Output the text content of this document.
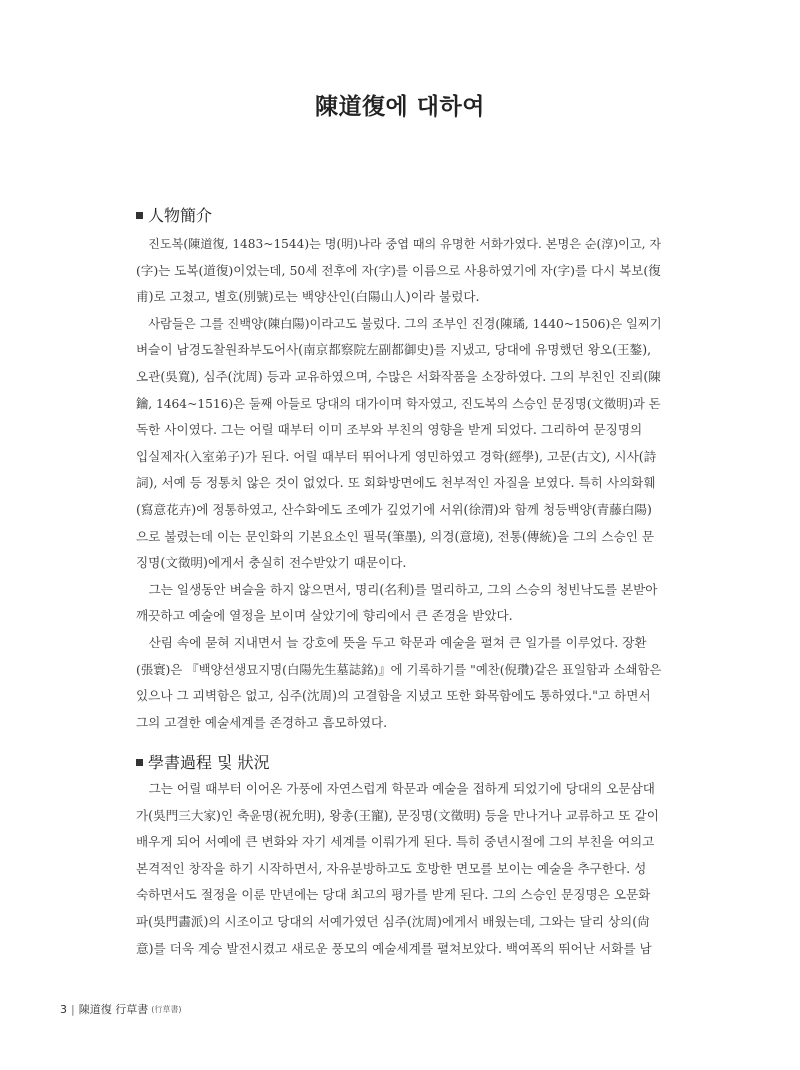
陳道復에 대하여
人物簡介
　진도복(陳道復, 1483~1544)는 명(明)나라 중엽 때의 유명한 서화가였다. 본명은 순(淳)이고, 자
(字)는 도복(道復)이었는데, 50세 전후에 자(字)를 이름으로 사용하였기에 자(字)를 다시 복보(復
甫)로 고쳤고, 별호(別號)로는 백양산인(白陽山人)이라 불렀다.
　사람들은 그를 진백양(陳白陽)이라고도 불렀다. 그의 조부인 진경(陳璚, 1440~1506)은 일찌기
벼슬이 남경도찰원좌부도어사(南京都察院左副都御史)를 지냈고, 당대에 유명했던 왕오(王鏊),
오관(吳寬), 심주(沈周) 등과 교유하였으며, 수많은 서화작품을 소장하였다. 그의 부친인 진뢰(陳
鑰, 1464~1516)은 둘째 아들로 당대의 대가이며 학자였고, 진도복의 스승인 문징명(文徵明)과 돈
독한 사이였다. 그는 어릴 때부터 이미 조부와 부친의 영향을 받게 되었다. 그리하여 문징명의
입실제자(入室弟子)가 된다. 어릴 때부터 뛰어나게 영민하였고 경학(經學), 고문(古文), 시사(詩
詞), 서예 등 정통치 않은 것이 없었다. 또 회화방면에도 천부적인 자질을 보였다. 특히 사의화훼
(寫意花卉)에 정통하였고, 산수화에도 조예가 깊었기에 서위(徐渭)와 함께 청등백양(青藤白陽)
으로 불렸는데 이는 문인화의 기본요소인 필묵(筆墨), 의경(意境), 전통(傳統)을 그의 스승인 문
징명(文徵明)에게서 충실히 전수받았기 때문이다.
　그는 일생동안 벼슬을 하지 않으면서, 명리(名利)를 멀리하고, 그의 스승의 청빈낙도를 본받아
깨끗하고 예술에 열정을 보이며 살았기에 향리에서 큰 존경을 받았다.
　산림 속에 묻혀 지내면서 늘 강호에 뜻을 두고 학문과 예술을 펼쳐 큰 일가를 이루었다. 장환
(張寰)은 『백양선생묘지명(白陽先生墓誌銘)』에 기록하기를 "예찬(倪瓚)같은 표일함과 소쇄함은
있으나 그 괴벽함은 없고, 심주(沈周)의 고결함을 지녔고 또한 화목함에도 통하였다."고 하면서
그의 고결한 예술세계를 존경하고 흠모하였다.
學書過程 및 狀況
　그는 어릴 때부터 이어온 가풍에 자연스럽게 학문과 예술을 접하게 되었기에 당대의 오문삼대
가(吳門三大家)인 축윤명(祝允明), 왕총(王寵), 문징명(文徵明) 등을 만나거나 교류하고 또 같이
배우게 되어 서예에 큰 변화와 자기 세계를 이뤄가게 된다. 특히 중년시절에 그의 부친을 여의고
본격적인 창작을 하기 시작하면서, 자유분방하고도 호방한 면모를 보이는 예술을 추구한다. 성
숙하면서도 절정을 이룬 만년에는 당대 최고의 평가를 받게 된다. 그의 스승인 문징명은 오문화
파(吳門畵派)의 시조이고 당대의 서예가였던 심주(沈周)에게서 배웠는데, 그와는 달리 상의(尙
意)를 더욱 계승 발전시켰고 새로운 풍모의 예술세계를 펼쳐보았다. 백여폭의 뛰어난 서화를 남
3 | 陳道復 行草書 (行草書)
